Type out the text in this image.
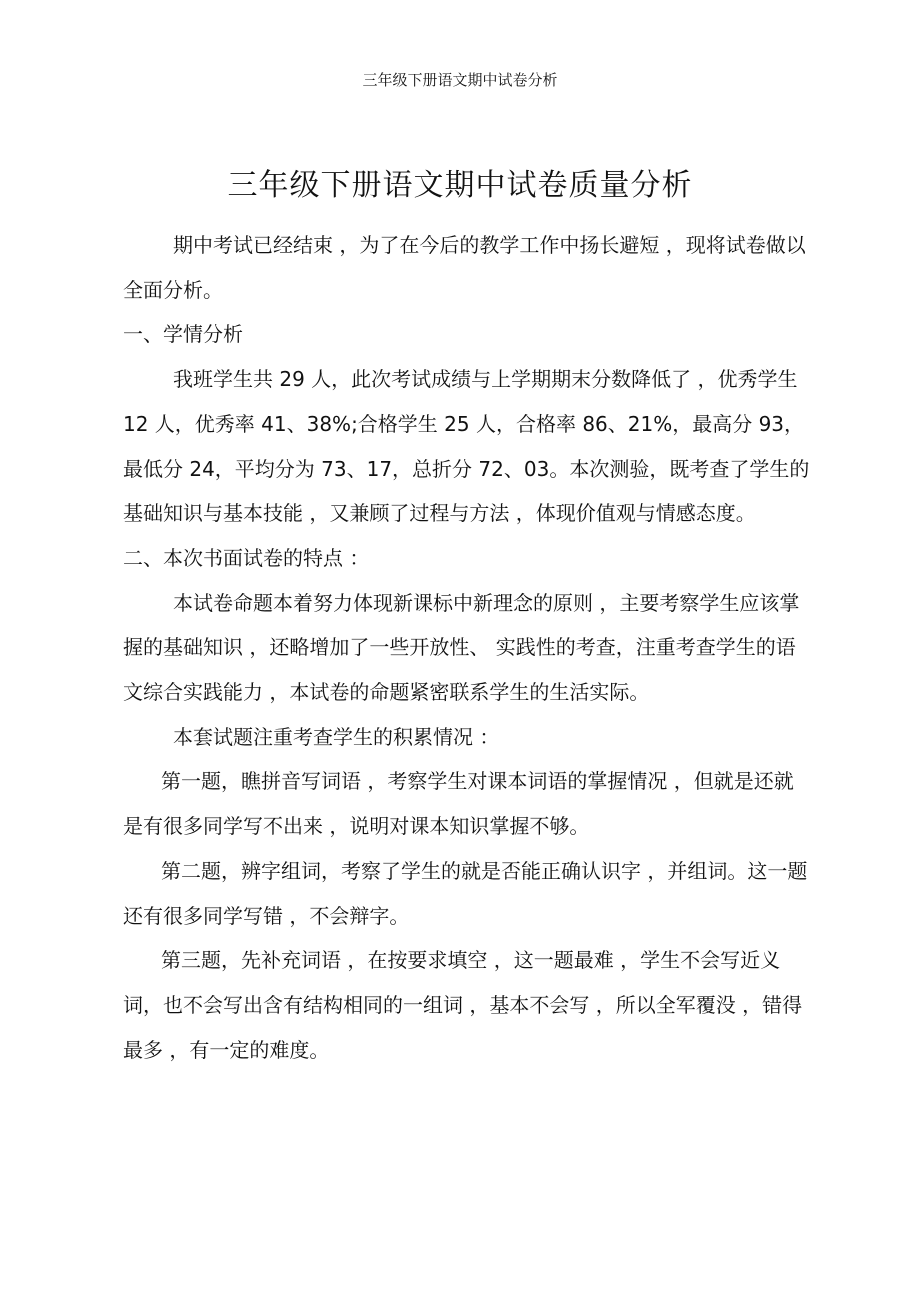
三年级下册语文期中试卷分析
三年级下册语文期中试卷质量分析

期中考试已经结束 ，为了在今后的教学工作中扬长避短 ，现将试卷做以全面分析。

一、学情分析

我班学生共 29 人，此次考试成绩与上学期期末分数降低了 ，优秀学生 12 人，优秀率 41、38%;合格学生 25 人，合格率 86、21%，最高分 93，最低分 24，平均分为 73、17，总折分 72、03。本次测验，既考查了学生的基础知识与基本技能 ，又兼顾了过程与方法 ，体现价值观与情感态度。

二、本次书面试卷的特点 ：

本试卷命题本着努力体现新课标中新理念的原则 ，主要考察学生应该掌握的基础知识 ，还略增加了一些开放性、 实践性的考查，注重考查学生的语文综合实践能力 ，本试卷的命题紧密联系学生的生活实际。

本套试题注重考查学生的积累情况 ：

第一题，瞧拼音写词语 ，考察学生对课本词语的掌握情况 ，但就是还就是有很多同学写不出来 ，说明对课本知识掌握不够。

第二题，辨字组词，考察了学生的就是否能正确认识字 ，并组词。这一题还有很多同学写错 ，不会辩字。

第三题，先补充词语 ，在按要求填空 ，这一题最难 ，学生不会写近义词，也不会写出含有结构相同的一组词 ，基本不会写 ，所以全军覆没 ，错得最多 ，有一定的难度。
